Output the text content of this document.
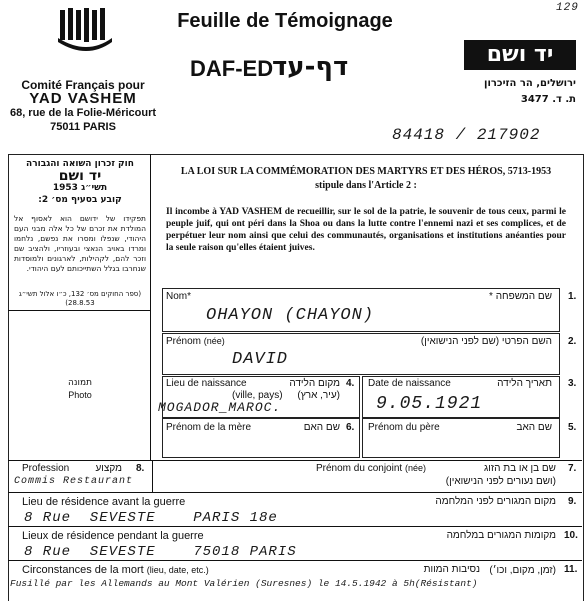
129
Comité Français pour
YAD VASHEM
68, rue de la Folie-Méricourt
75011 PARIS
Feuille de Témoignage
DAF-ED
דף-עד	יד ושם
ירושלים, הר הזיכרון
ת. ד. 3477
84418 / 217902
חוק זכרון השואה והגבורה
יד ושם
תשי״ג 1953
קובע בסעיף מס׳ 2:
תפקידו של ידושם הוא לאסוף אל המולדת את זכרם של כל אלה מבני העם היהודי, שנפלו ומסרו את נפשם, נלחמו ומרדו באויב הנאצי ובעוזריו, ולהציב שם וזכר להם, לקהילות, לארגונים ולמוסדות שנחרבו בגלל השתייכותם לעם היהודי.
(ספר החוקים מס׳ 132, כ״ו אלול תשי״ג 28.8.53)
תמונה
Photo
LA LOI SUR LA COMMÉMORATION DES MARTYRS ET DES HÉROS, 5713-1953
stipule dans l'Article 2 :
Il incombe à YAD VASHEM de recueillir, sur le sol de la patrie, le souvenir de tous ceux, parmi le peuple juif, qui ont péri dans la Shoa ou dans la lutte contre l'ennemi nazi et ses complices, et de perpétuer leur nom ainsi que celui des communautés, organisations et institutions anéanties pour la seule raison qu'elles étaient juives.
Nom*	שם המשפחה * 1.
OHAYON (CHAYON)
Prénom (née)	השם הפרטי (שם לפני הנישואין) 2.
DAVID
Lieu de naissance
(ville, pays)
מקום הלידה
(עיר, ארץ)
4.
MOGADOR_MAROC.
Date de naissance	תאריך הלידה 3.
9.05.1921
Prénom de la mère	שם האם 6. Prénom du père	שם האב 5.
Profession	מקצוע 8.
Commis Restaurant
Prénom du conjoint (née)	שם בן או בת הזוג
(ושם נעורים לפני הנישואין)
7.
Lieu de résidence avant la guerre	מקום המגורים לפני המלחמה 9.
8 Rue  SEVESTE    PARIS 18e
Lieux de résidence pendant la guerre	מקומות המגורים במלחמה 10.
8 Rue  SEVESTE    75018 PARIS
Circonstances de la mort (lieu, date, etc.)	נסיבות המוות (זמן, מקום, וכו׳) 11.
Fusillé par les Allemands au Mont Valérien (Suresnes) le 14.5.1942 à 5h(Résistant)
